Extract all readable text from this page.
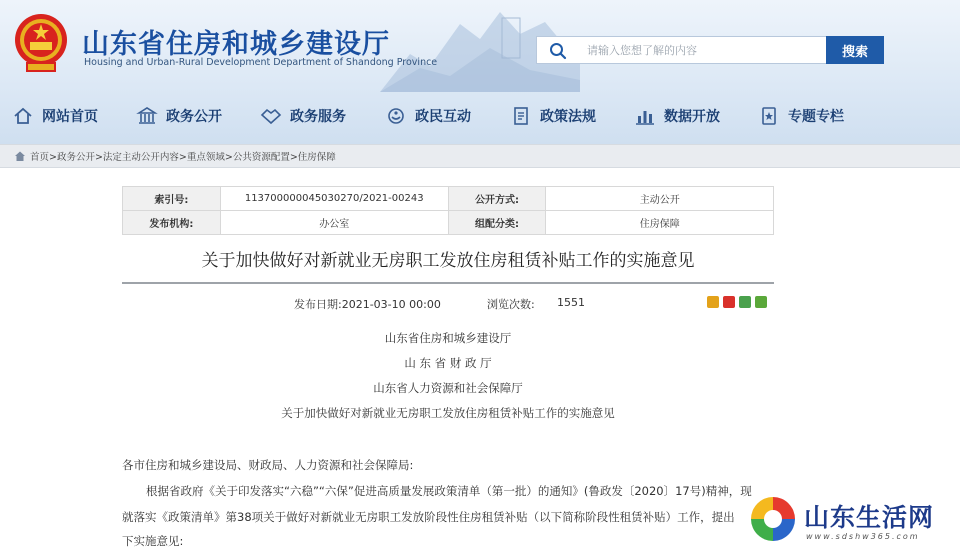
山东省住房和城乡建设厅
Housing and Urban-Rural Development Department of Shandong Province
请输入您想了解的内容
搜索
网站首页	政务公开	政务服务	政民互动	政策法规	数据开放	专题专栏
首页>政务公开>法定主动公开内容>重点领域>公共资源配置>住房保障
索引号:	113700000045030270/2021-00243	公开方式:	主动公开
发布机构:	办公室	组配分类:	住房保障
关于加快做好对新就业无房职工发放住房租赁补贴工作的实施意见
发布日期:2021-03-10 00:00	浏览次数: 1551
山东省住房和城乡建设厅
山 东 省 财 政 厅
山东省人力资源和社会保障厅
关于加快做好对新就业无房职工发放住房租赁补贴工作的实施意见
各市住房和城乡建设局、财政局、人力资源和社会保障局:
根据省政府《关于印发落实“六稳”“六保”促进高质量发展政策清单（第一批）的通知》(鲁政发〔2020〕17号)精神，现
就落实《政策清单》第38项关于做好对新就业无房职工发放阶段性住房租赁补贴（以下简称阶段性租赁补贴）工作，提出
下实施意见:
山东生活网
www.sdshw365.com
